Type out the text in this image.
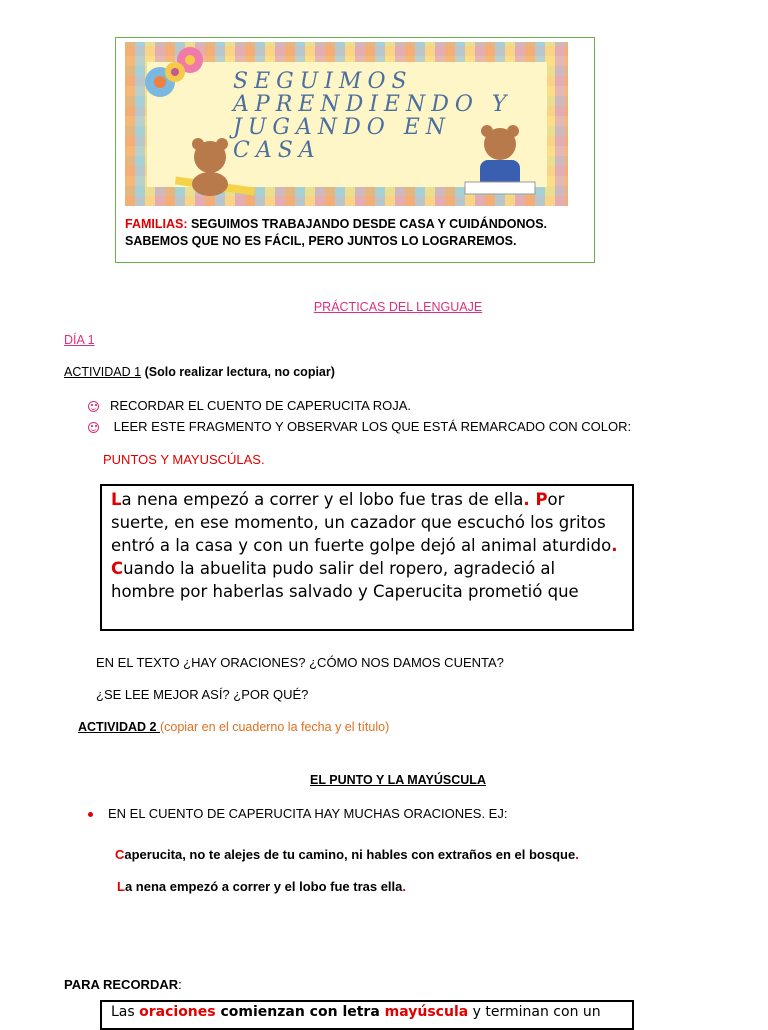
SEGUIMOS
APRENDIENDO Y
JUGANDO EN
CASA
FAMILIAS: SEGUIMOS TRABAJANDO DESDE CASA Y CUIDÁNDONOS. SABEMOS QUE NO ES FÁCIL, PERO JUNTOS LO LOGRAREMOS.
PRÁCTICAS DEL LENGUAJE
DÍA 1
ACTIVIDAD 1 (Solo realizar lectura, no copiar)
RECORDAR EL CUENTO DE CAPERUCITA ROJA.
LEER ESTE FRAGMENTO Y OBSERVAR LOS QUE ESTÁ REMARCADO CON COLOR:
PUNTOS Y MAYUSCÚLAS.

La nena empezó a correr y el lobo fue tras de ella. Por suerte, en ese momento, un cazador que escuchó los gritos entró a la casa y con un fuerte golpe dejó al animal aturdido.

Cuando la abuelita pudo salir del ropero, agradeció al hombre por haberlas salvado y Caperucita prometió que

EN EL TEXTO ¿HAY ORACIONES? ¿CÓMO NOS DAMOS CUENTA?
¿SE LEE MEJOR ASÍ? ¿POR QUÉ?
ACTIVIDAD 2 (copiar en el cuaderno la fecha y el título)
EL PUNTO Y LA MAYÚSCULA
EN EL CUENTO DE CAPERUCITA HAY MUCHAS ORACIONES. EJ:
Caperucita, no te alejes de tu camino, ni hables con extraños en el bosque.
La nena empezó a correr y el lobo fue tras ella.
PARA RECORDAR:
Las oraciones comienzan con letra mayúscula y terminan con un
